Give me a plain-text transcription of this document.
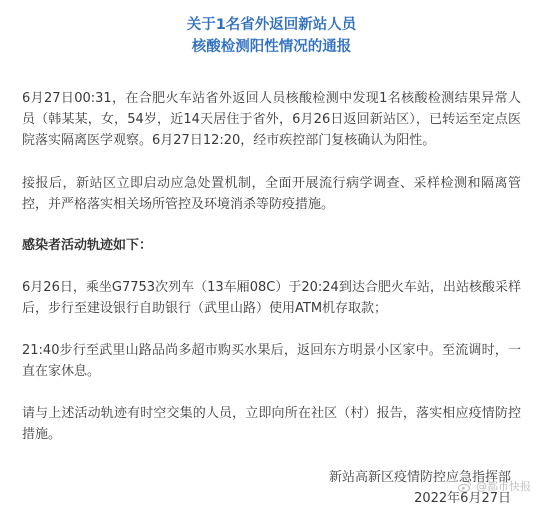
关于1名省外返回新站人员
核酸检测阳性情况的通报

6月27日00:31，在合肥火车站省外返回人员核酸检测中发现1名核酸检测结果异常人员（韩某某，女，54岁，近14天居住于省外，6月26日返回新站区），已转运至定点医院落实隔离医学观察。6月27日12:20，经市疾控部门复核确认为阳性。

接报后，新站区立即启动应急处置机制，全面开展流行病学调查、采样检测和隔离管控，并严格落实相关场所管控及环境消杀等防疫措施。

感染者活动轨迹如下：

6月26日，乘坐G7753次列车（13车厢08C）于20:24到达合肥火车站，出站核酸采样后，步行至建设银行自助银行（武里山路）使用ATM机存取款；

21:40步行至武里山路品尚多超市购买水果后，返回东方明景小区家中。至流调时，一直在家休息。

请与上述活动轨迹有时空交集的人员，立即向所在社区（村）报告，落实相应疫情防控措施。

新站高新区疫情防控应急指挥部
2022年6月27日
@都市快报
